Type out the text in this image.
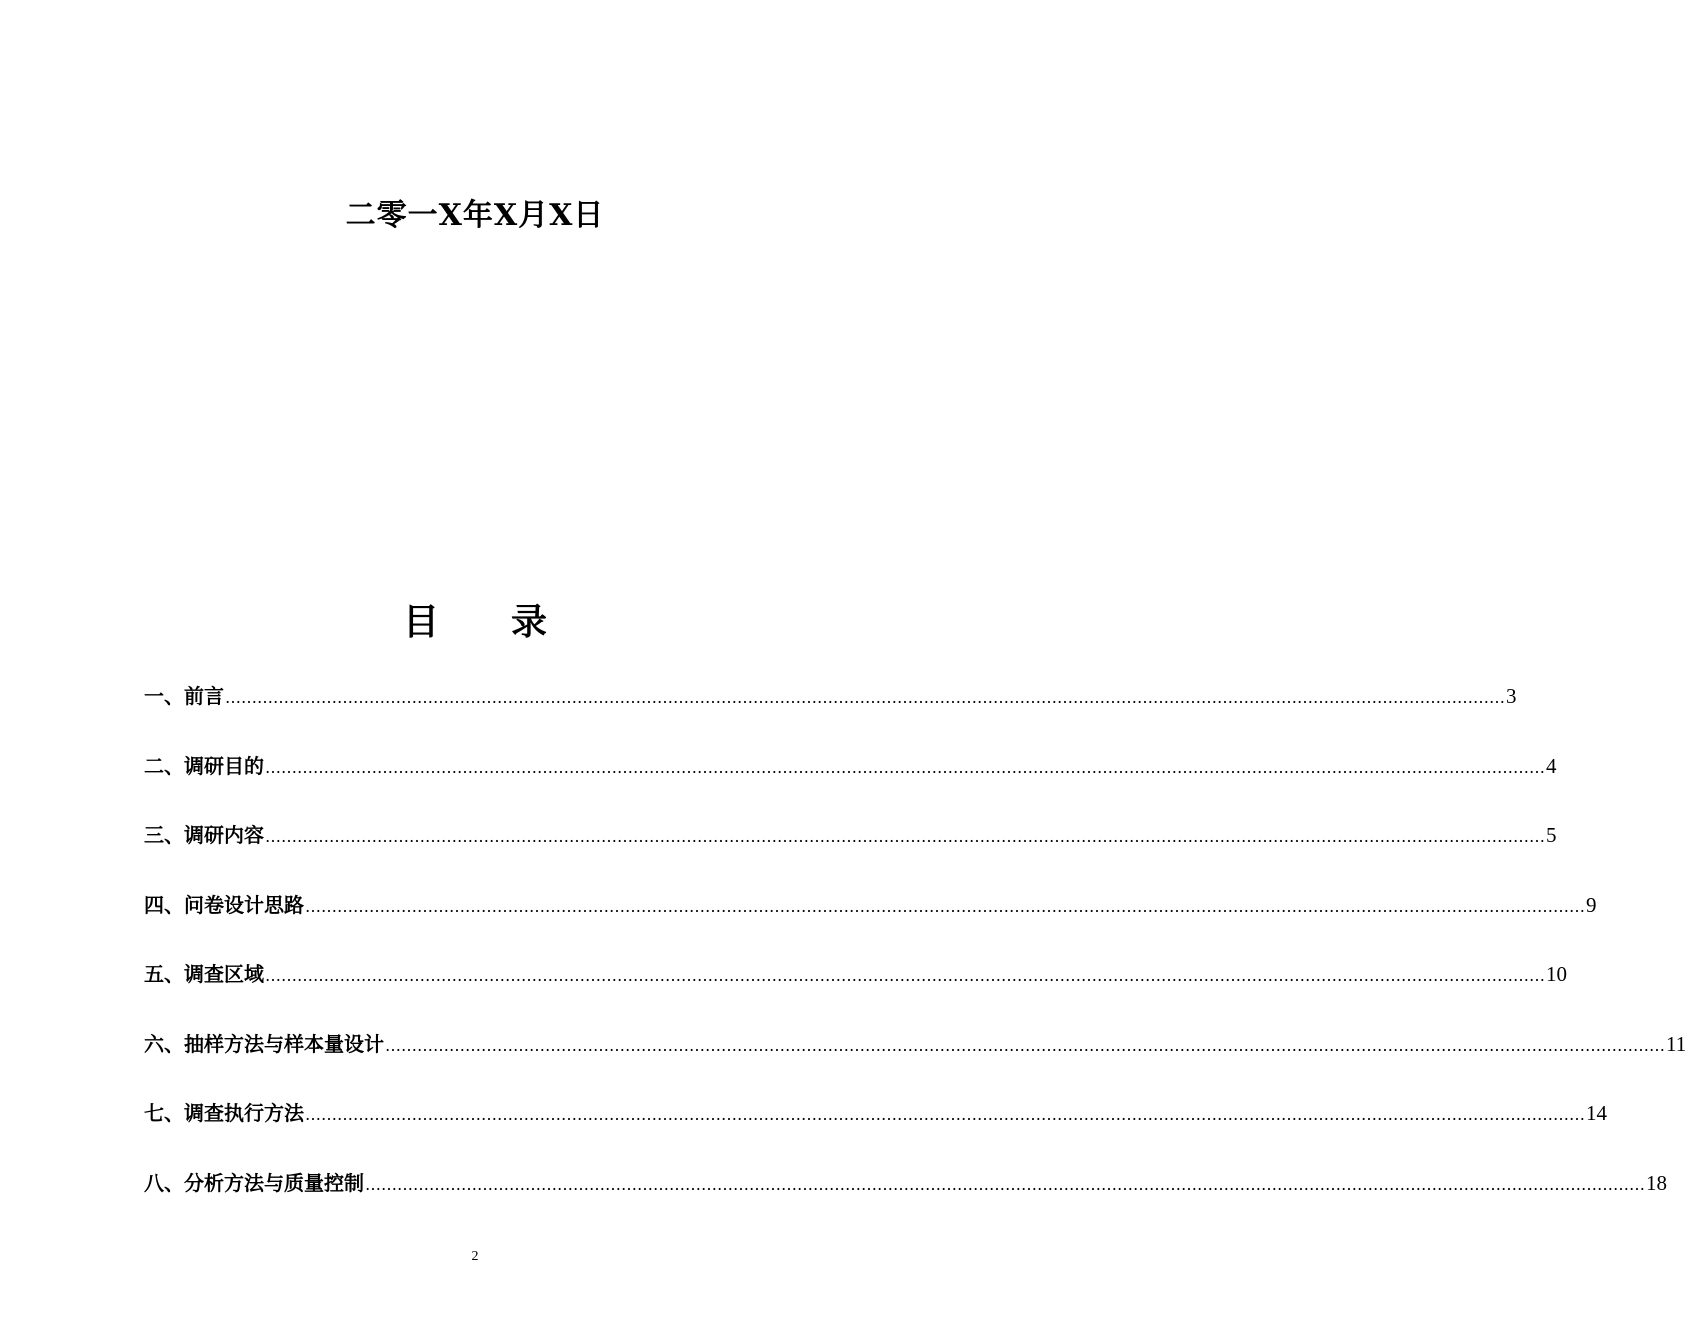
二零一X年X月X日
目 录
一、前言 …………………………………………………………………………………………………………………………………………………………………………………………………………………… 3
二、调研目的 …………………………………………………………………………………………………………………………………………………………………………………………………………………… 4
三、调研内容 …………………………………………………………………………………………………………………………………………………………………………………………………………………… 5
四、问卷设计思路 …………………………………………………………………………………………………………………………………………………………………………………………………………………… 9
五、调查区域 …………………………………………………………………………………………………………………………………………………………………………………………………………………… 10
六、抽样方法与样本量设计 …………………………………………………………………………………………………………………………………………………………………………………………………………………… 11
七、调查执行方法 …………………………………………………………………………………………………………………………………………………………………………………………………………………… 14
八、分析方法与质量控制 …………………………………………………………………………………………………………………………………………………………………………………………………………………… 18
2
